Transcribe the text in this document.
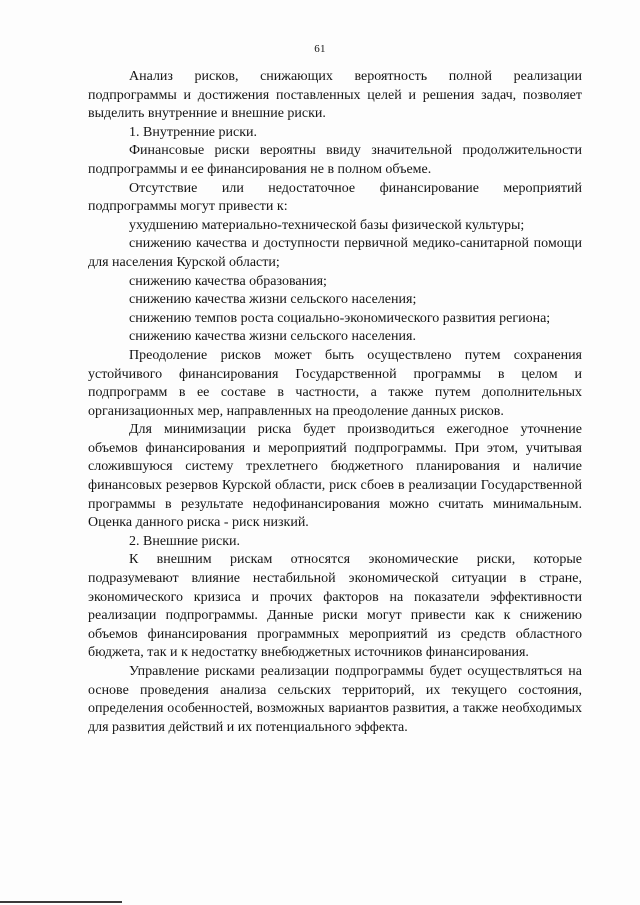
61

Анализ рисков, снижающих вероятность полной реализации подпрограммы и достижения поставленных целей и решения задач, позволяет выделить внутренние и внешние риски.

1. Внутренние риски.

Финансовые риски вероятны ввиду значительной продолжительности подпрограммы и ее финансирования не в полном объеме.

Отсутствие или недостаточное финансирование мероприятий подпрограммы могут привести к:

ухудшению материально-технической базы физической культуры;

снижению качества и доступности первичной медико-санитарной помощи для населения Курской области;

снижению качества образования;

снижению качества жизни сельского населения;

снижению темпов роста социально-экономического развития региона;

снижению качества жизни сельского населения.

Преодоление рисков может быть осуществлено путем сохранения устойчивого финансирования Государственной программы в целом и подпрограмм в ее составе в частности, а также путем дополнительных организационных мер, направленных на преодоление данных рисков.

Для минимизации риска будет производиться ежегодное уточнение объемов финансирования и мероприятий подпрограммы. При этом, учитывая сложившуюся систему трехлетнего бюджетного планирования и наличие финансовых резервов Курской области, риск сбоев в реализации Государственной программы в результате недофинансирования можно считать минимальным. Оценка данного риска - риск низкий.

2. Внешние риски.

К внешним рискам относятся экономические риски, которые подразумевают влияние нестабильной экономической ситуации в стране, экономического кризиса и прочих факторов на показатели эффективности реализации подпрограммы. Данные риски могут привести как к снижению объемов финансирования программных мероприятий из средств областного бюджета, так и к недостатку внебюджетных источников финансирования.

Управление рисками реализации подпрограммы будет осуществляться на основе проведения анализа сельских территорий, их текущего состояния, определения особенностей, возможных вариантов развития, а также необходимых для развития действий и их потенциального эффекта.
